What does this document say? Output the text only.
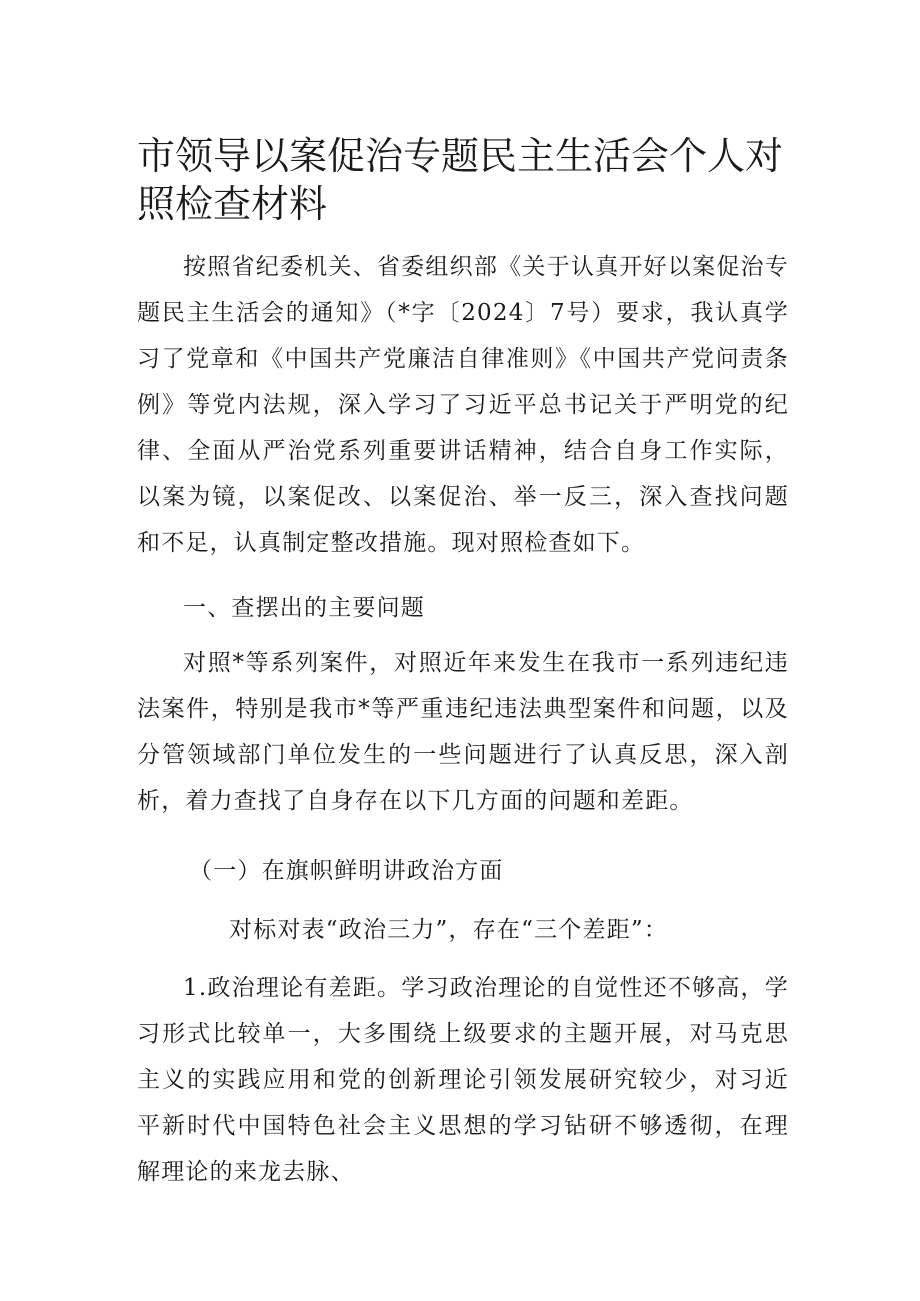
市领导以案促治专题民主生活会个人对照检查材料

按照省纪委机关、省委组织部《关于认真开好以案促治专题民主生活会的通知》（*字〔2024〕7号）要求，我认真学习了党章和《中国共产党廉洁自律准则》《中国共产党问责条例》等党内法规，深入学习了习近平总书记关于严明党的纪律、全面从严治党系列重要讲话精神，结合自身工作实际，以案为镜，以案促改、以案促治、举一反三，深入查找问题和不足，认真制定整改措施。现对照检查如下。

一、查摆出的主要问题

对照*等系列案件，对照近年来发生在我市一系列违纪违法案件，特别是我市*等严重违纪违法典型案件和问题，以及分管领域部门单位发生的一些问题进行了认真反思，深入剖析，着力查找了自身存在以下几方面的问题和差距。

（一）在旗帜鲜明讲政治方面

对标对表“政治三力”，存在“三个差距”：

1.政治理论有差距。学习政治理论的自觉性还不够高，学习形式比较单一，大多围绕上级要求的主题开展，对马克思主义的实践应用和党的创新理论引领发展研究较少，对习近平新时代中国特色社会主义思想的学习钻研不够透彻，在理解理论的来龙去脉、
